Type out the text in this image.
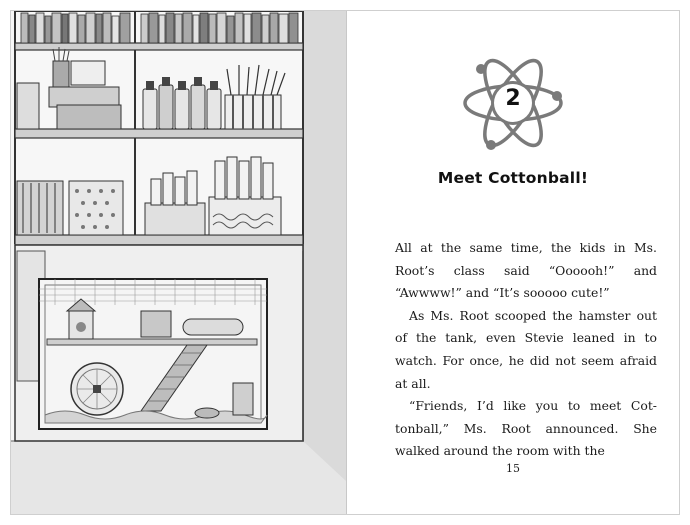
2
Meet Cottonball!

All at the same time, the kids in Ms. Root’s class said “Oooooh!” and “Awwww!” and “It’s sooooo cute!”

As Ms. Root scooped the hamster out of the tank, even Stevie leaned in to watch. For once, he did not seem afraid at all.

“Friends, I’d like you to meet Cot-tonball,” Ms. Root announced. She walked around the room with the

15
